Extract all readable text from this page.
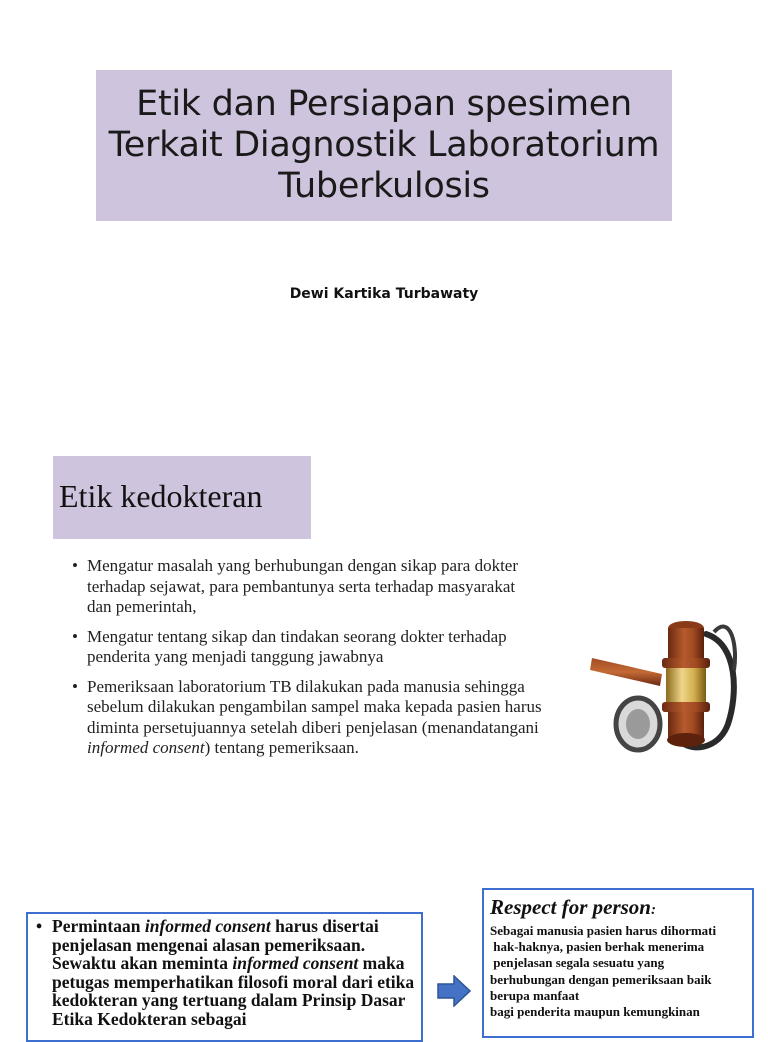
Etik dan Persiapan spesimen
Terkait Diagnostik Laboratorium
Tuberkulosis
Dewi Kartika Turbawaty
Etik kedokteran
• Mengatur masalah yang berhubungan dengan sikap para dokter terhadap sejawat, para pembantunya serta terhadap masyarakat dan pemerintah,
• Mengatur tentang sikap dan tindakan seorang dokter terhadap penderita yang menjadi tanggung jawabnya
• Pemeriksaan laboratorium TB dilakukan pada manusia sehingga sebelum dilakukan pengambilan sampel maka kepada pasien harus diminta persetujuannya setelah diberi penjelasan (menandatangani informed consent) tentang pemeriksaan.
• Permintaan informed consent harus disertai penjelasan mengenai alasan pemeriksaan. Sewaktu akan meminta informed consent maka petugas memperhatikan filosofi moral dari etika kedokteran yang tertuang dalam Prinsip Dasar Etika Kedokteran sebagai
Respect for person:
Sebagai manusia pasien harus dihormati
hak-haknya, pasien berhak menerima
penjelasan segala sesuatu yang
berhubungan dengan pemeriksaan baik
berupa manfaat
bagi penderita maupun kemungkinan
